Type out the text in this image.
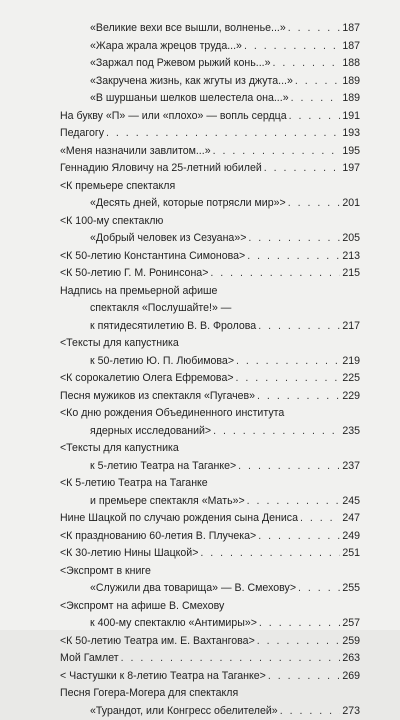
«Великие вехи все вышли, волненье...» . . .	187
«Жара жрала жрецов труда...» . . .	187
«Заржал под Ржевом рыжий конь...» . . .	188
«Закручена жизнь, как жгуты из джута...» . . .	189
«В шуршаньи шелков шелестела она...» . . .	189
На букву «П» — или «плохо» — вопль сердца . . .	191
Педагогу . . .	193
«Меня назначили завлитом...» . . .	195
Геннадию Яловичу на 25-летний юбилей . . .	197
<К премьере спектакля
«Десять дней, которые потрясли мир»> . . .	201
<К 100-му спектаклю
«Добрый человек из Сезуана»> . . .	205
<К 50-летию Константина Симонова> . . .	213
<К 50-летию Г. М. Ронинсона> . . .	215
Надпись на премьерной афише
спектакля «Послушайте!» —
к пятидесятилетию В. В. Фролова . . .	217
<Тексты для капустника
к 50-летию Ю. П. Любимова> . . .	219
<К сорокалетию Олега Ефремова> . . .	225
Песня мужиков из спектакля «Пугачев» . . .	229
<Ко дню рождения Объединенного института
ядерных исследований> . . .	235
<Тексты для капустника
к 5-летию Театра на Таганке> . . .	237
<К 5-летию Театра на Таганке
и премьере спектакля «Мать»> . . .	245
Нине Шацкой по случаю рождения сына Дениса . . .	247
<К празднованию 60-летия В. Плучека> . . .	249
<К 30-летию Нины Шацкой> . . .	251
<Экспромт в книге
«Служили два товарища» — В. Смехову> . . .	255
<Экспромт на афише В. Смехову
к 400-му спектаклю «Антимиры»> . . .	257
<К 50-летию Театра им. Е. Вахтангова> . . .	259
Мой Гамлет . . .	263
< Частушки к 8-летию Театра на Таганке> . . .	269
Песня Гогера-Могера для спектакля
«Турандот, или Конгресс обелителей» . . .	273
